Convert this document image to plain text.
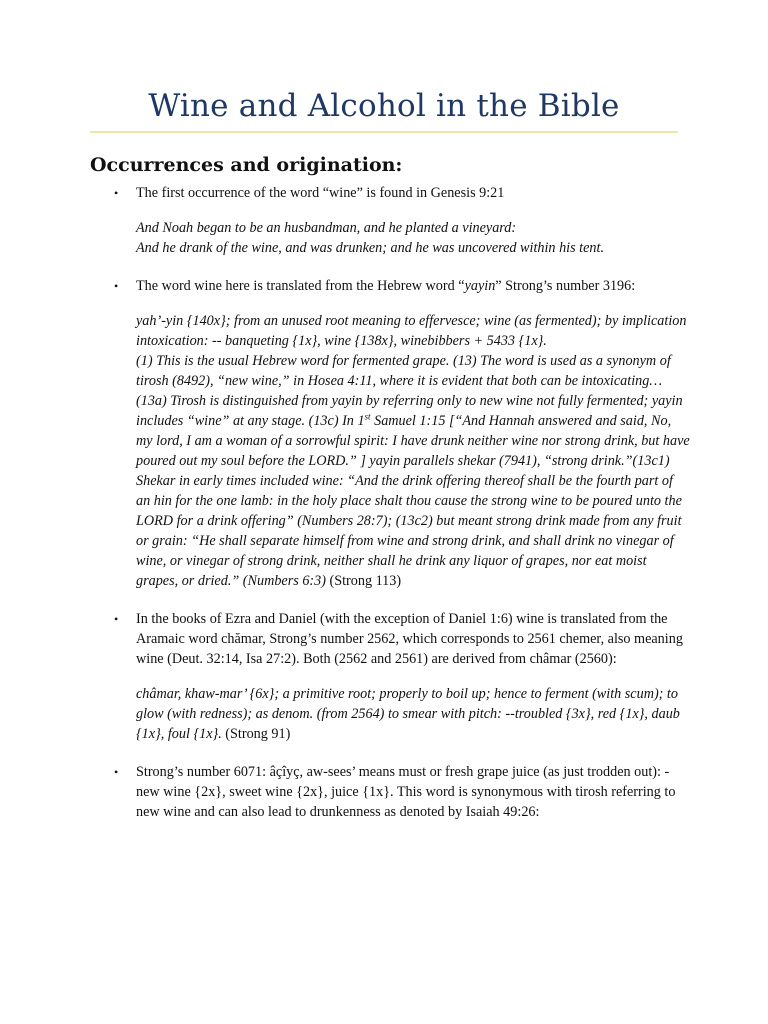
Wine and Alcohol in the Bible
Occurrences and origination:
• The first occurrence of the word “wine” is found in Genesis 9:21

And Noah began to be an husbandman, and he planted a vineyard:
And he drank of the wine, and was drunken; and he was uncovered within his tent.
• The word wine here is translated from the Hebrew word “yayin” Strong’s number 3196:

yah’-yin {140x}; from an unused root meaning to effervesce; wine (as fermented); by implication intoxication: -- banqueting {1x}, wine {138x}, winebibbers + 5433 {1x}.
(1) This is the usual Hebrew word for fermented grape. (13) The word is used as a synonym of tirosh (8492), “new wine,” in Hosea 4:11, where it is evident that both can be intoxicating… (13a) Tirosh is distinguished from yayin by referring only to new wine not fully fermented; yayin includes “wine” at any stage. (13c) In 1st Samuel 1:15 [“And Hannah answered and said, No, my lord, I am a woman of a sorrowful spirit: I have drunk neither wine nor strong drink, but have poured out my soul before the LORD.” ] yayin parallels shekar (7941), “strong drink.”(13c1) Shekar in early times included wine: “And the drink offering thereof shall be the fourth part of an hin for the one lamb: in the holy place shalt thou cause the strong wine to be poured unto the LORD for a drink offering” (Numbers 28:7); (13c2) but meant strong drink made from any fruit or grain: “He shall separate himself from wine and strong drink, and shall drink no vinegar of wine, or vinegar of strong drink, neither shall he drink any liquor of grapes, nor eat moist grapes, or dried.” (Numbers 6:3) (Strong 113)
• In the books of Ezra and Daniel (with the exception of Daniel 1:6) wine is translated from the Aramaic word chămar, Strong’s number 2562, which corresponds to 2561 chemer, also meaning wine (Deut. 32:14, Isa 27:2). Both (2562 and 2561) are derived from châmar (2560):

châmar, khaw-mar’ {6x}; a primitive root; properly to boil up; hence to ferment (with scum); to glow (with redness); as denom. (from 2564) to smear with pitch: --troubled {3x}, red {1x}, daub {1x}, foul {1x}. (Strong 91)
• Strong’s number 6071: âçîyç, aw-sees’ means must or fresh grape juice (as just trodden out): -new wine {2x}, sweet wine {2x}, juice {1x}. This word is synonymous with tirosh referring to new wine and can also lead to drunkenness as denoted by Isaiah 49:26:
